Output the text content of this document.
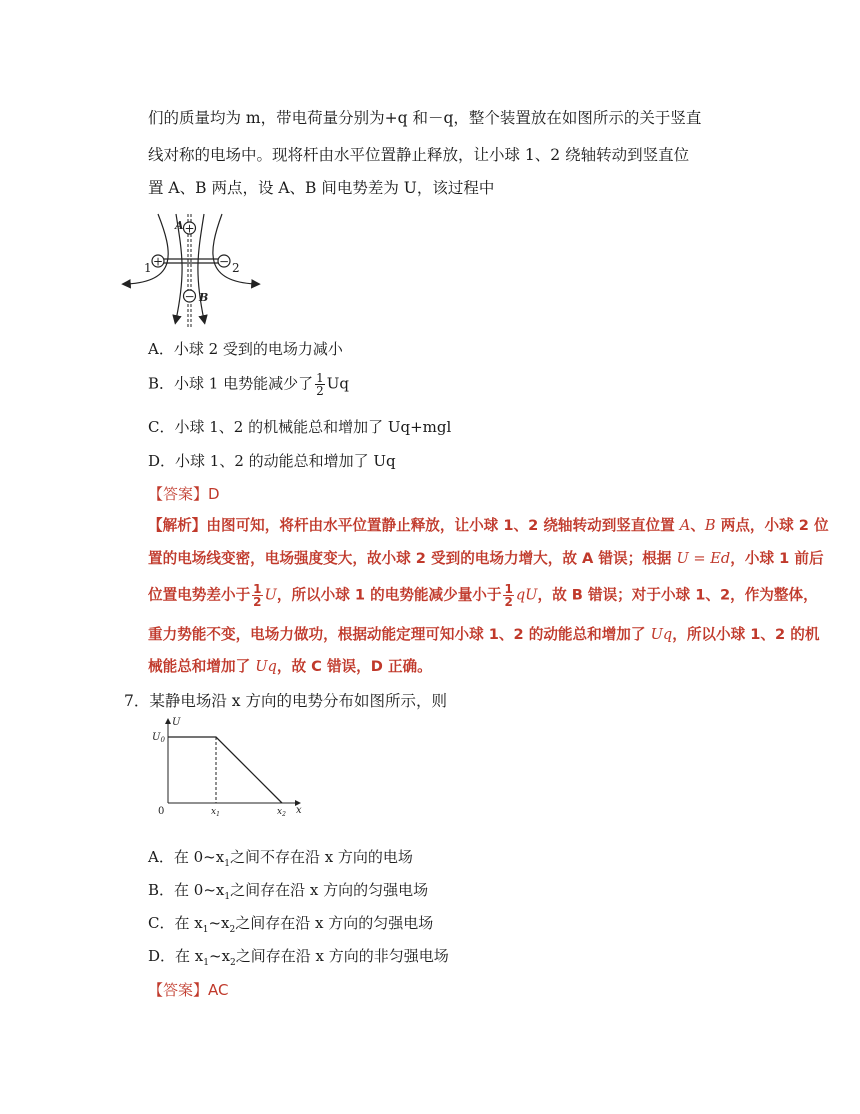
们的质量均为 m，带电荷量分别为+q 和－q，整个装置放在如图所示的关于竖直
线对称的电场中。现将杆由水平位置静止释放，让小球 1、2 绕轴转动到竖直位
置 A、B 两点，设 A、B 间电势差为 U，该过程中
+	−
+
−
A
B
1	2
A．小球 2 受到的电场力减小
B．小球 1 电势能减少了 $\frac{1}{2}$ Uq
C．小球 1、2 的机械能总和增加了 Uq+mgl
D．小球 1、2 的动能总和增加了 Uq
【答案】D
【解析】由图可知，将杆由水平位置静止释放，让小球 1、2 绕轴转动到竖直位置 A、B 两点，小球 2 位
置的电场线变密，电场强度变大，故小球 2 受到的电场力增大，故 A 错误；根据 U = Ed，小球 1 前后
位置电势差小于 $\frac{1}{2}$ U，所以小球 1 的电势能减少量小于 $\frac{1}{2}$ qU，故 B 错误；对于小球 1、2，作为整体，
重力势能不变，电场力做功，根据动能定理可知小球 1、2 的动能总和增加了 Uq，所以小球 1、2 的机
械能总和增加了 Uq，故 C 错误，D 正确。
7．某静电场沿 x 方向的电势分布如图所示，则
U
x
$U_0$
0	$x_1$	$x_2$
A．在 $0\sim x_1$之间不存在沿 x 方向的电场
B．在 $0\sim x_1$之间存在沿 x 方向的匀强电场
C．在 $x_1\sim x_2$之间存在沿 x 方向的匀强电场
D．在 $x_1\sim x_2$之间存在沿 x 方向的非匀强电场
【答案】AC
